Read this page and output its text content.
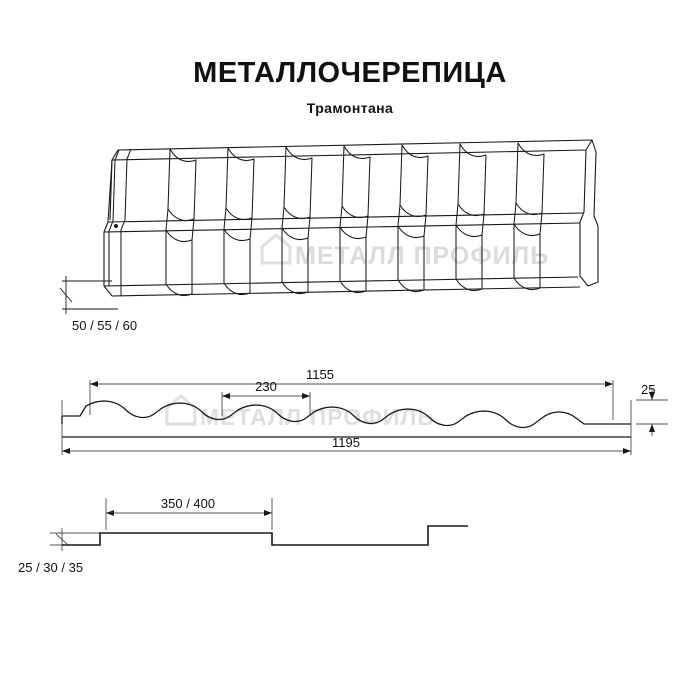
МЕТАЛЛОЧЕРЕПИЦА
Трамонтана
МЕТАЛЛ ПРОФИЛЬ
МЕТАЛЛ ПРОФИЛЬ
50 / 55 / 60
1155
230
1195
25
350 / 400
25 / 30 / 35
